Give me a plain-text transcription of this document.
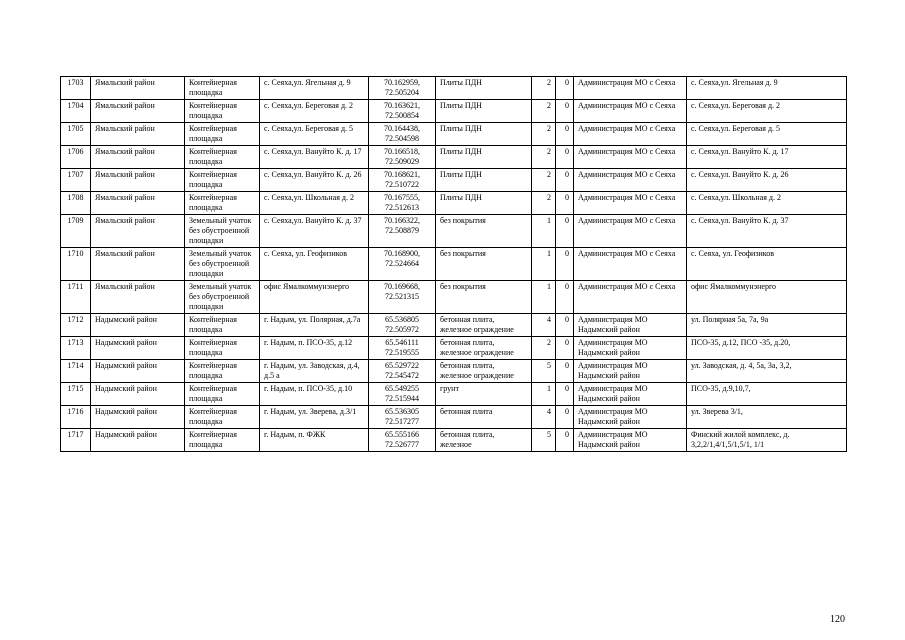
1703	Ямальский район	Контейнерная площадка	с. Сеяха,ул. Ягельная д. 9	70.162959, 72.505204	Плиты ПДН	2	0	Администрация МО с Сеяха	с. Сеяха,ул. Ягельная д. 9
1704	Ямальский район	Контейнерная площадка	с. Сеяха,ул. Береговая д. 2	70.163621, 72.500854	Плиты ПДН	2	0	Администрация МО с Сеяха	с. Сеяха,ул. Береговая д. 2
1705	Ямальский район	Контейнерная площадка	с. Сеяха,ул. Береговая д. 5	70.164438, 72.504598	Плиты ПДН	2	0	Администрация МО с Сеяха	с. Сеяха,ул. Береговая д. 5
1706	Ямальский район	Контейнерная площадка	с. Сеяха,ул. Вануйто К. д. 17	70.166518, 72.509029	Плиты ПДН	2	0	Администрация МО с Сеяха	с. Сеяха,ул. Вануйто К. д. 17
1707	Ямальский район	Контейнерная площадка	с. Сеяха,ул. Вануйто К. д. 26	70.168621, 72.510722	Плиты ПДН	2	0	Администрация МО с Сеяха	с. Сеяха,ул. Вануйто К. д. 26
1708	Ямальский район	Контейнерная площадка	с. Сеяха,ул. Школьная д. 2	70.167555, 72.512613	Плиты ПДН	2	0	Администрация МО с Сеяха	с. Сеяха,ул. Школьная д. 2
1709	Ямальский район	Земельный учаток без обустроенной площадки	с. Сеяха,ул. Вануйто К. д. 37	70.166322, 72.508879	без покрытия	1	0	Администрация МО с Сеяха	с. Сеяха,ул. Вануйто К. д. 37
1710	Ямальский район	Земельный учаток без обустроенной площадки	с. Сеяха, ул. Геофизиков	70.168900, 72.524664	без покрытия	1	0	Администрация МО с Сеяха	с. Сеяха, ул. Геофизиков
1711	Ямальский район	Земельный учаток без обустроенной площадки	офис Ямалкоммунэнерго	70.169668, 72.521315	без покрытия	1	0	Администрация МО с Сеяха	офис Ямалкоммунэнерго
1712	Надымский район	Контейнерная площадка	г. Надым, ул. Полярная, д.7а	65.536805 72.505972	бетонная плита, железное ограждение	4	0	Администрация МО Надымский район	ул. Полярная 5а, 7а, 9а
1713	Надымский район	Контейнерная площадка	г. Надым, п. ПСО-35, д.12	65.546111 72.519555	бетонная плита, железное ограждение	2	0	Администрация МО Надымский район	ПСО-35, д.12, ПСО -35, д.20,
1714	Надымский район	Контейнерная площадка	г. Надым, ул. Заводская, д.4, д.5 а	65.529722 72.545472	бетонная плита, железное ограждение	5	0	Администрация МО Надымский район	ул. Заводская, д. 4, 5а, 3а, 3,2,
1715	Надымский район	Контейнерная площадка	г. Надым, п. ПСО-35, д.10	65.549255 72.515944	грунт	1	0	Администрация МО Надымский район	ПСО-35, д.9,10,7,
1716	Надымский район	Контейнерная площадка	г. Надым, ул. Зверева, д.3/1	65.536305 72.517277	бетонная плита	4	0	Администрация МО Надымский район	ул. Зверева 3/1,
1717	Надымский район	Контейнерная площадка	г. Надым, п. ФЖК	65.555166 72.526777	бетонная плита, железное	5	0	Администрация МО Надымский район	Финский жилой комплекс, д. 3,2,2/1,4/1,5/1,5/1, 1/1
120
